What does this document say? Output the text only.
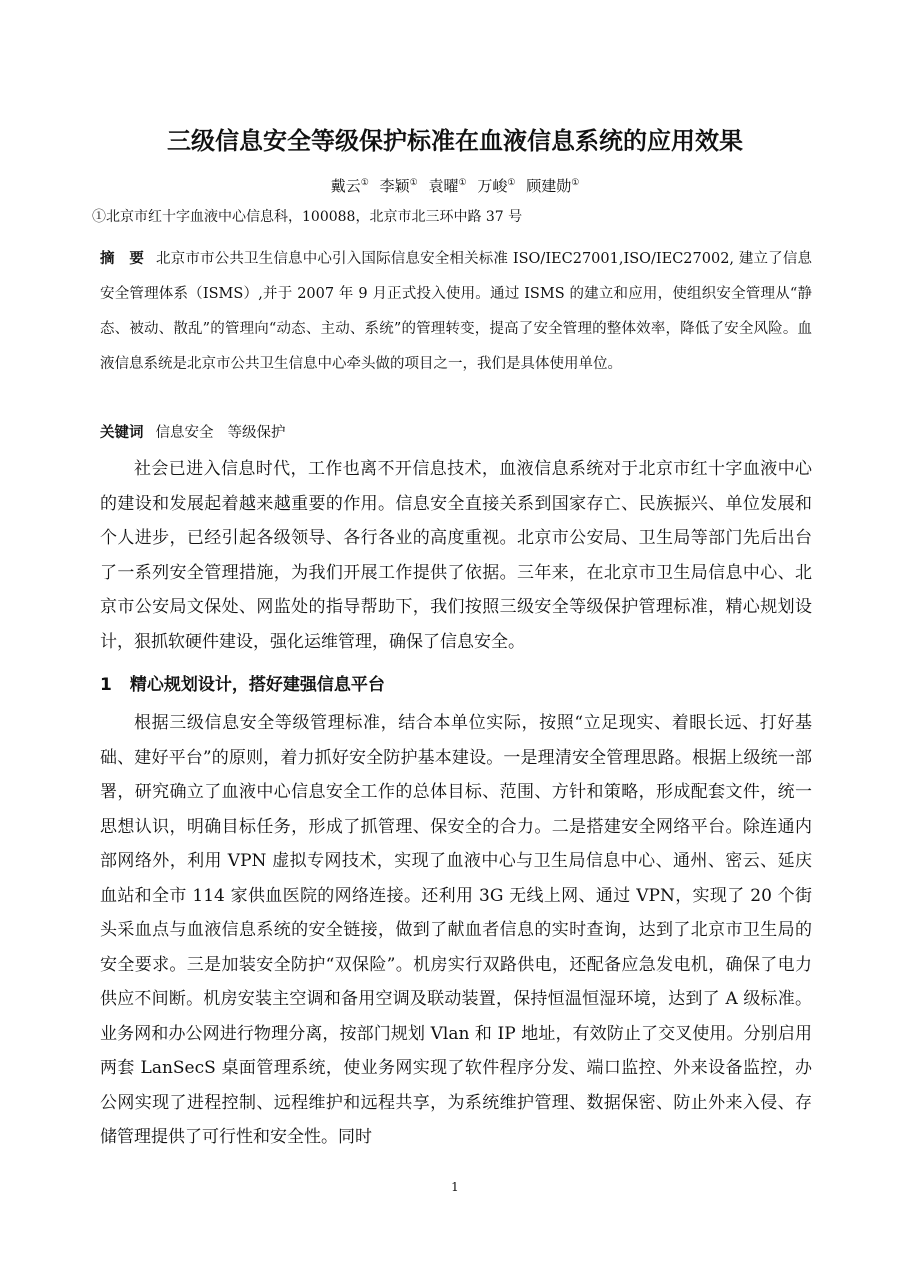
三级信息安全等级保护标准在血液信息系统的应用效果
戴云① 李颖① 袁曜① 万峻① 顾建勋①
①北京市红十字血液中心信息科，100088，北京市北三环中路 37 号
摘　要 北京市市公共卫生信息中心引入国际信息安全相关标准 ISO/IEC27001,ISO/IEC27002, 建立了信息安全管理体系（ISMS）,并于 2007 年 9 月正式投入使用。通过 ISMS 的建立和应用，使组织安全管理从“静态、被动、散乱”的管理向“动态、主动、系统”的管理转变，提高了安全管理的整体效率，降低了安全风险。血液信息系统是北京市公共卫生信息中心牵头做的项目之一，我们是具体使用单位。
关键词 信息安全 等级保护

社会已进入信息时代，工作也离不开信息技术，血液信息系统对于北京市红十字血液中心的建设和发展起着越来越重要的作用。信息安全直接关系到国家存亡、民族振兴、单位发展和个人进步，已经引起各级领导、各行各业的高度重视。北京市公安局、卫生局等部门先后出台了一系列安全管理措施，为我们开展工作提供了依据。三年来，在北京市卫生局信息中心、北京市公安局文保处、网监处的指导帮助下，我们按照三级安全等级保护管理标准，精心规划设计，狠抓软硬件建设，强化运维管理，确保了信息安全。

1 精心规划设计，搭好建强信息平台

根据三级信息安全等级管理标准，结合本单位实际，按照“立足现实、着眼长远、打好基础、建好平台”的原则，着力抓好安全防护基本建设。一是理清安全管理思路。根据上级统一部署，研究确立了血液中心信息安全工作的总体目标、范围、方针和策略，形成配套文件，统一思想认识，明确目标任务，形成了抓管理、保安全的合力。二是搭建安全网络平台。除连通内部网络外，利用 VPN 虚拟专网技术，实现了血液中心与卫生局信息中心、通州、密云、延庆血站和全市 114 家供血医院的网络连接。还利用 3G 无线上网、通过 VPN，实现了 20 个街头采血点与血液信息系统的安全链接，做到了献血者信息的实时查询，达到了北京市卫生局的安全要求。三是加装安全防护“双保险”。机房实行双路供电，还配备应急发电机，确保了电力供应不间断。机房安装主空调和备用空调及联动装置，保持恒温恒湿环境，达到了 A 级标准。业务网和办公网进行物理分离，按部门规划 Vlan 和 IP 地址，有效防止了交叉使用。分别启用两套 LanSecS 桌面管理系统，使业务网实现了软件程序分发、端口监控、外来设备监控，办公网实现了进程控制、远程维护和远程共享，为系统维护管理、数据保密、防止外来入侵、存储管理提供了可行性和安全性。同时

1
